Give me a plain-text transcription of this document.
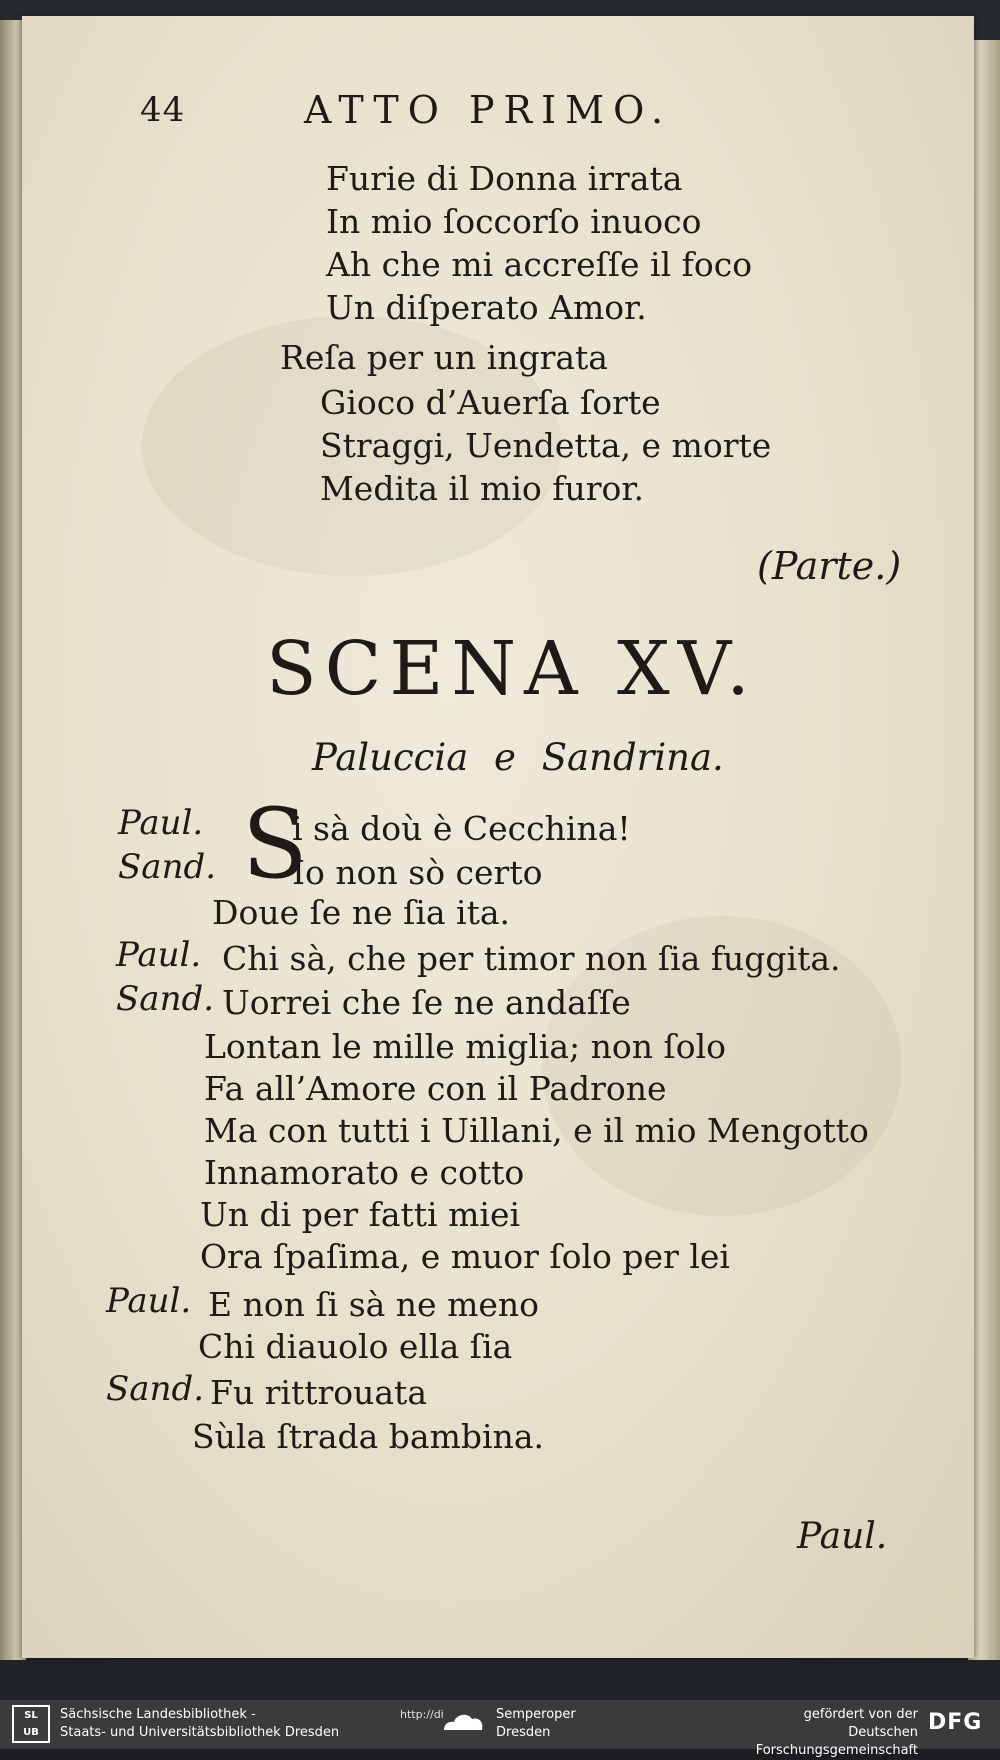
44	ATTO PRIMO.
Furie di Donna irrata
In mio ſoccorſo inuoco
Ah che mi accreſſe il foco
Un diſperato Amor.
Reſa per un ingrata
Gioco d’Auerſa ſorte
Straggi, Uendetta, e morte
Medita il mio furor.
(Parte.)
SCENA XV.
Paluccia e Sandrina.
S
Paul.	i sà doù è Cecchina!
Sand. Io non sò certo
Doue ſe ne ſia ita.
Paul. Chi sà, che per timor non ſia fuggita.
Sand. Uorrei che ſe ne andaſſe
Lontan le mille miglia; non ſolo
Fa all’Amore con il Padrone
Ma con tutti i Uillani, e il mio Mengotto
Innamorato e cotto
Un di per fatti miei
Ora ſpaſima, e muor ſolo per lei
Paul. E non ſi sà ne meno
Chi diauolo ella ſia
Sand. Fu rittrouata
Sùla ſtrada bambina.
Paul.
SL
UB
Sächsische Landesbibliothek -
Staats- und Universitätsbibliothek Dresden
http://di	Semperoper
Dresden
gefördert von der
Deutschen Forschungsgemeinschaft
DFG
